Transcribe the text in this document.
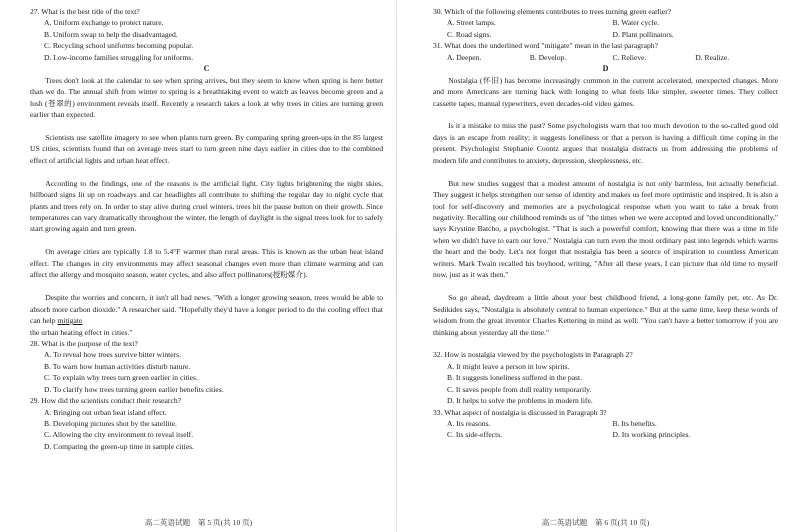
27. What is the best title of the text?
A. Uniform exchange to protect nature.
B. Uniform swap to help the disadvantaged.
C. Recycling school uniforms becoming popular.
D. Low-income families struggling for uniforms.
C

Trees don't look at the calendar to see when spring arrives, but they seem to know when spring is here better than we do. The annual shift from winter to spring is a breathtaking event to watch as leaves become green and a lush (苍翠的) environment reveals itself. Recently a research takes a look at why trees in cities are turning green earlier than expected.

Scientists use satellite imagery to see when plants turn green. By comparing spring green-ups in the 85 largest US cities, scientists found that on average trees start to turn green nine days earlier in cities due to the combined effect of artificial lights and urban heat effect.

According to the findings, one of the reasons is the artificial light. City lights brightening the night skies, billboard signs lit up on roadways and car headlights all contribute to shifting the regular day to night cycle that plants and trees rely on. In order to stay alive during cruel winters, trees hit the pause button on their growth. Since temperatures can vary dramatically throughout the winter, the length of daylight is the signal trees look for to safely start growing again and turn green.

On average cities are typically 1.8 to 5.4°F warmer than rural areas. This is known as the urban heat island effect. The changes in city environments may affect seasonal changes even more than climate warming and can affect the allergy and mosquito season, water cycles, and also affect pollinators(授粉媒介).

Despite the worries and concern, it isn't all bad news. "With a longer growing season, trees would be able to absorb more carbon dioxide." A researcher said. "Hopefully they'd have a longer period to do the cooling effect that can help mitigate

the urban heating effect in cities."
28. What is the purpose of the text?
A. To reveal how trees survive bitter winters.
B. To warn how human activities disturb nature.
C. To explain why trees turn green earlier in cities.
D. To clarify how trees turning green earlier benefits cities.
29. How did the scientists conduct their research?
A. Bringing out urban heat island effect.
B. Developing pictures shot by the satellite.
C. Allowing the city environment to reveal itself.
D. Comparing the green-up time in sample cities.
高二英语试题　第 5 页(共 10 页)
30. Which of the following elements contributes to trees turning green earlier?
A. Street lamps.	B. Water cycle.
C. Road signs.	D. Plant pollinators.
31. What does the underlined word "mitigate" mean in the last paragraph?
A. Deepen.	B. Develop.	C. Relieve.	D. Realize.
D

Nostalgia (怀旧) has become increasingly common in the current accelerated, unexpected changes. More and more Americans are turning back with longing to what feels like simpler, sweeter times. They collect cassette tapes, manual typewriters, even decades-old video games.

Is it a mistake to miss the past? Some psychologists warn that too much devotion to the so-called good old days is an escape from reality; it suggests loneliness or that a person is having a difficult time coping in the present. Psychologist Stephanie Coontz argues that nostalgia distracts us from addressing the problems of modern life and contributes to anxiety, depression, sleeplessness, etc.

But new studies suggest that a modest amount of nostalgia is not only harmless, but actually beneficial. They suggest it helps strengthen our sense of identity and makes us feel more optimistic and inspired. It is also a tool for self-discovery and memories are a psychological response when you want to take a break from negativity. Recalling our childhood reminds us of "the times when we were accepted and loved unconditionally," says Krystine Batcho, a psychologist. "That is such a powerful comfort, knowing that there was a time in life when we didn't have to earn our love." Nostalgia can turn even the most ordinary past into legends which warms the heart and the body. Let's not forget that nostalgia has been a source of inspiration to countless American writers. Mark Twain recalled his boyhood, writing, "After all these years, I can picture that old time to myself now, just as it was then."

So go ahead, daydream a little about your best childhood friend, a long-gone family pet, etc. As Dr. Sedikides says, "Nostalgia is absolutely central to human experience." But at the same time, keep these words of wisdom from the great inventor Charles Kettering in mind as well: "You can't have a better tomorrow if you are thinking about yesterday all the time."

32. How is nostalgia viewed by the psychologists in Paragraph 2?
A. It might leave a person in low spirits.
B. It suggests loneliness suffered in the past.
C. It saves people from dull reality temporarily.
D. It helps to solve the problems in modern life.
33. What aspect of nostalgia is discussed in Paragraph 3?
A. Its reasons.	B. Its benefits.
C. Its side-effects.	D. Its working principles.
高二英语试题　第 6 页(共 10 页)
